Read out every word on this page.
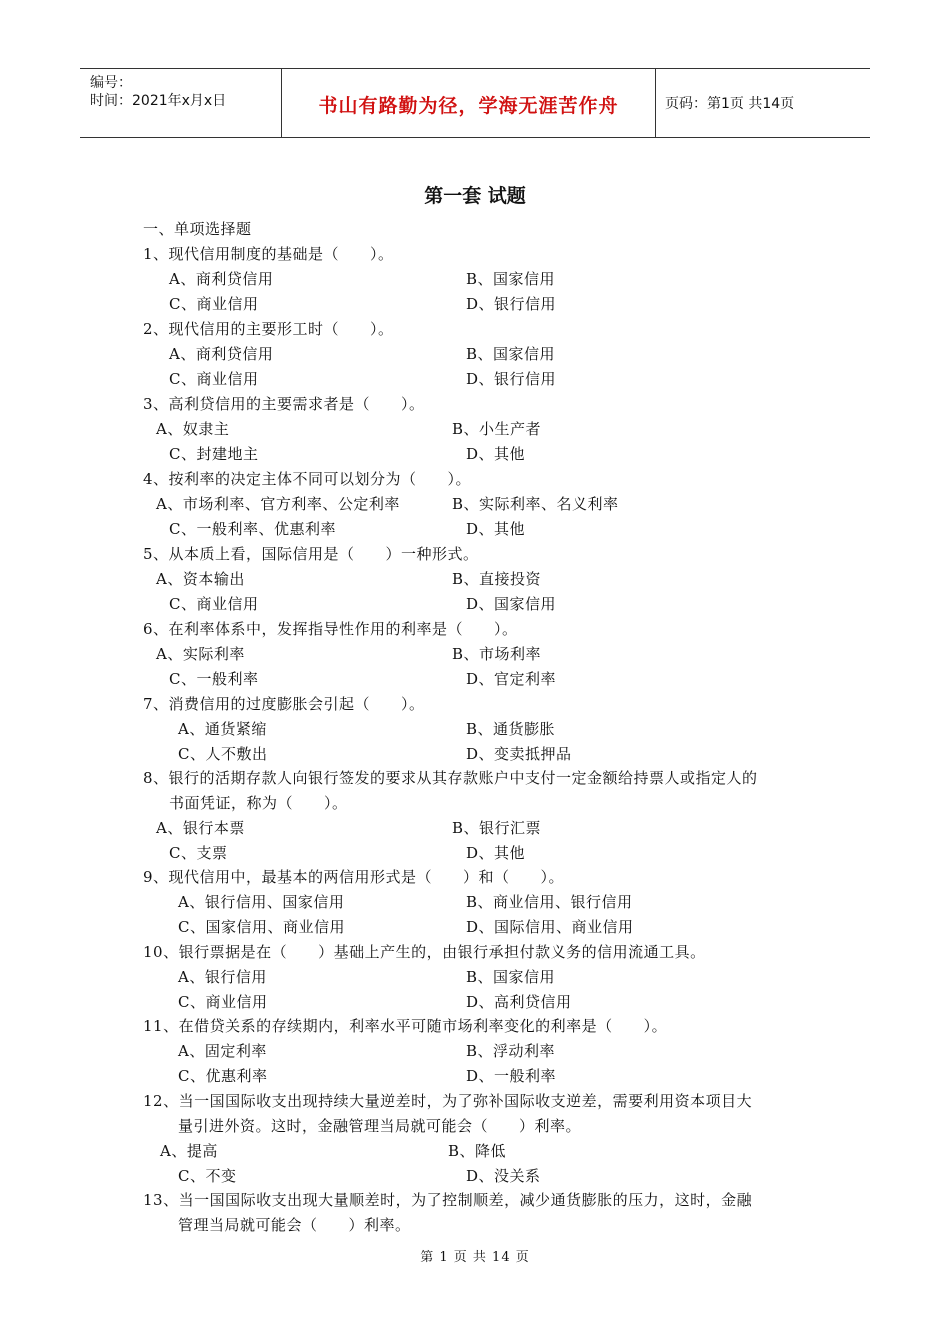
编号：
时间：2021年x月x日	书山有路勤为径，学海无涯苦作舟	页码：第1页 共14页
第一套 试题
一、单项选择题
1、现代信用制度的基础是（　　）。
A、商利贷信用	B、国家信用
C、商业信用	D、银行信用
2、现代信用的主要形工时（　　）。
A、商利贷信用	B、国家信用
C、商业信用	D、银行信用
3、高利贷信用的主要需求者是（　　）。
A、奴隶主	B、小生产者
C、封建地主	D、其他
4、按利率的决定主体不同可以划分为（　　）。
A、市场利率、官方利率、公定利率	B、实际利率、名义利率
C、一般利率、优惠利率	D、其他
5、从本质上看，国际信用是（　　）一种形式。
A、资本输出	B、直接投资
C、商业信用	D、国家信用
6、在利率体系中，发挥指导性作用的利率是（　　）。
A、实际利率	B、市场利率
C、一般利率	D、官定利率
7、消费信用的过度膨胀会引起（　　）。
A、通货紧缩	B、通货膨胀
C、人不敷出	D、变卖抵押品
8、银行的活期存款人向银行签发的要求从其存款账户中支付一定金额给持票人或指定人的
书面凭证，称为（　　）。
A、银行本票	B、银行汇票
C、支票	D、其他
9、现代信用中，最基本的两信用形式是（　　）和（　　）。
A、银行信用、国家信用	B、商业信用、银行信用
C、国家信用、商业信用	D、国际信用、商业信用
10、银行票据是在（　　）基础上产生的，由银行承担付款义务的信用流通工具。
A、银行信用	B、国家信用
C、商业信用	D、高利贷信用
11、在借贷关系的存续期内，利率水平可随市场利率变化的利率是（　　）。
A、固定利率	B、浮动利率
C、优惠利率	D、一般利率
12、当一国国际收支出现持续大量逆差时，为了弥补国际收支逆差，需要利用资本项目大
量引进外资。这时，金融管理当局就可能会（　　）利率。
A、提高	B、降低
C、不变	D、没关系
13、当一国国际收支出现大量顺差时，为了控制顺差，减少通货膨胀的压力，这时，金融
管理当局就可能会（　　）利率。
第 1 页 共 14 页
